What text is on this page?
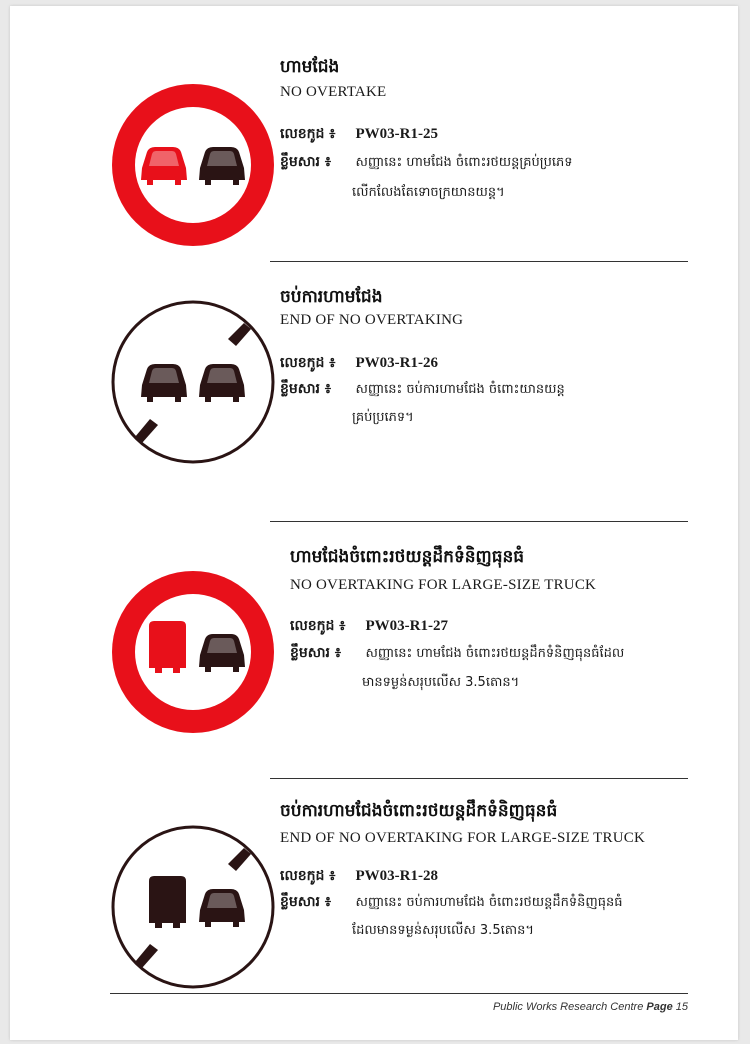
ហាមជែង
NO OVERTAKE
លេខកូដ ៖ PW03-R1-25
ខ្លឹមសារ ៖ សញ្ញានេះ ហាមជែង ចំពោះរថយន្តគ្រប់ប្រភេទ
លើកលែងតែទោចក្រយានយន្ត។
ចប់ការហាមជែង
END OF NO OVERTAKING
លេខកូដ ៖ PW03-R1-26
ខ្លឹមសារ ៖ សញ្ញានេះ ចប់ការហាមជែង ចំពោះយានយន្ត
គ្រប់ប្រភេទ។
ហាមជែងចំពោះរថយន្តដឹកទំនិញធុនធំ
NO OVERTAKING FOR LARGE-SIZE TRUCK
លេខកូដ ៖ PW03-R1-27
ខ្លឹមសារ ៖ សញ្ញានេះ ហាមជែង ចំពោះរថយន្តដឹកទំនិញធុនធំដែល
មានទម្ងន់សរុបលើស 3.5តោន។
ចប់ការហាមជែងចំពោះរថយន្តដឹកទំនិញធុនធំ
END OF NO OVERTAKING FOR LARGE-SIZE TRUCK
លេខកូដ ៖ PW03-R1-28
ខ្លឹមសារ ៖ សញ្ញានេះ ចប់ការហាមជែង ចំពោះរថយន្តដឹកទំនិញធុនធំ
ដែលមានទម្ងន់សរុបលើស 3.5តោន។
Public Works Research Centre Page 15
